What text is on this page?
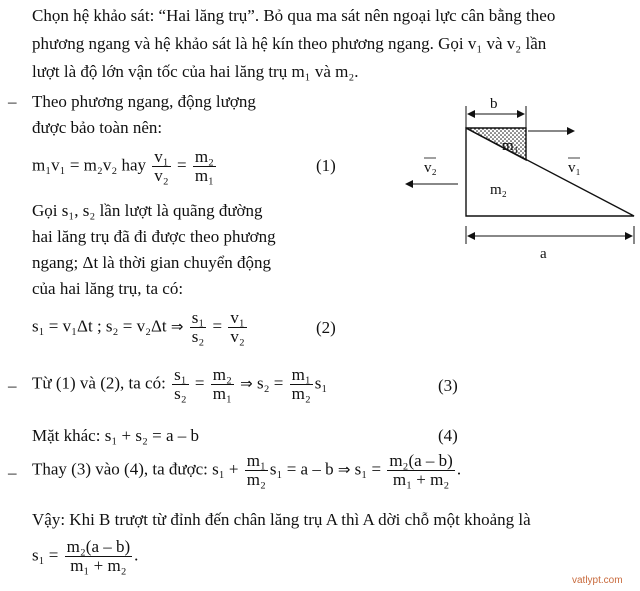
Chọn hệ khảo sát: “Hai lăng trụ”. Bỏ qua ma sát nên ngoại lực cân bằng theo
phương ngang và hệ khảo sát là hệ kín theo phương ngang. Gọi v₁ và v₂ lần
lượt là độ lớn vận tốc của hai lăng trụ m₁ và m₂.
– Theo phương ngang, động lượng
được bảo toàn nên:
m₁v₁ = m₂v₂ hay $\frac{\text{v₁}}{\text{v₂}} = \frac{\text{m₂}}{\text{m₁}}$	(1)
Gọi s₁, s₂ lần lượt là quãng đường
hai lăng trụ đã đi được theo phương
ngang; Δt là thời gian chuyển động
của hai lăng trụ, ta có:
s₁ = v₁Δt ; s₂ = v₂Δt ⇒ $\frac{\text{s₁}}{\text{s₂}} = \frac{\text{v₁}}{\text{v₂}}$	(2)
– Từ (1) và (2), ta có: $\frac{\text{s₁}}{\text{s₂}} = \frac{\text{m₂}}{\text{m₁}}$ ⇒ $s_2 = \frac{\text{m₁}}{\text{m₂}} s_1$	(3)
Mặt khác: s₁ + s₂ = a – b	(4)
– Thay (3) vào (4), ta được: $s_1 + \frac{\text{m₁}}{\text{m₂}} s_1 = a - b$ ⇒ $s_1 = \frac{\text{m₂(a – b)}}{\text{m₁ + m₂}}$ .
Vậy: Khi B trượt từ đỉnh đến chân lăng trụ A thì A dời chỗ một khoảng là
$s_1 = \frac{\text{m₂(a – b)}}{\text{m₁ + m₂}}$ .
b
m₁
m₂
v₁
v₂
a
vatlypt.com
